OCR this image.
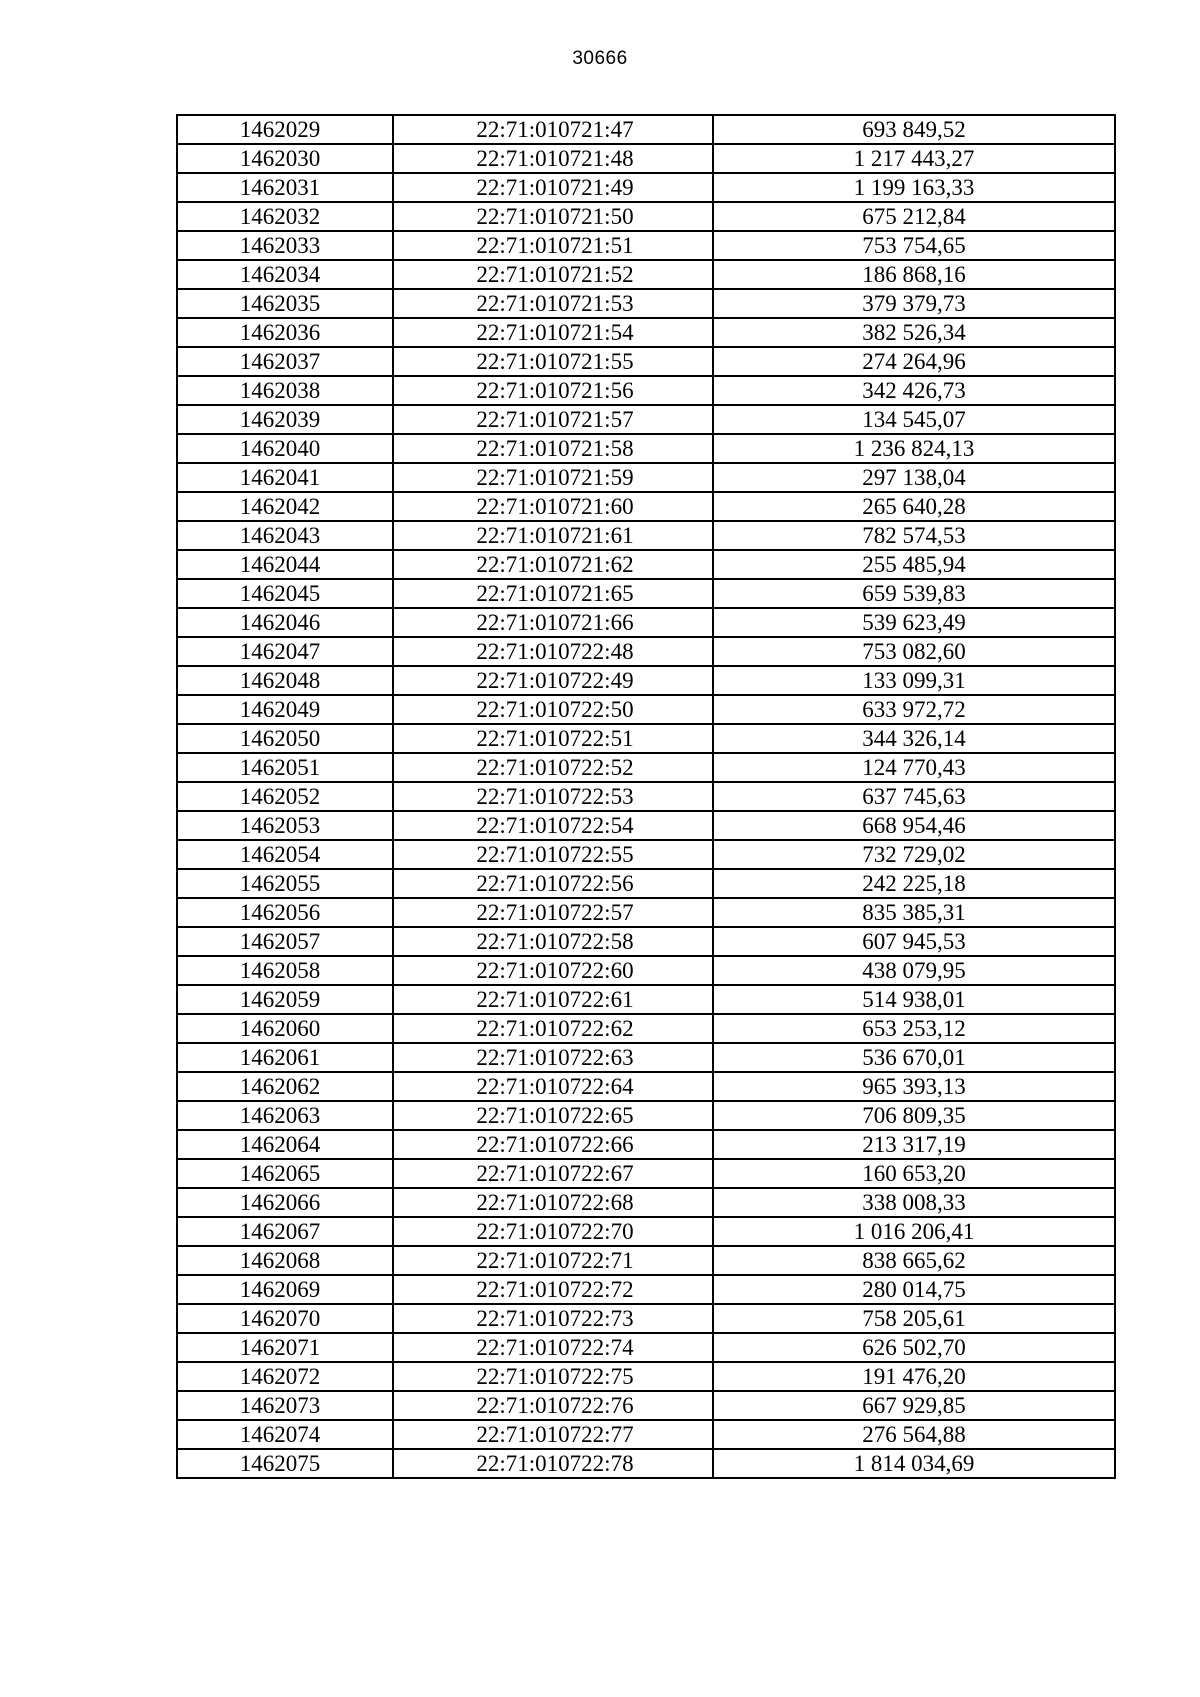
30666
1462029	22:71:010721:47	693 849,52
1462030	22:71:010721:48	1 217 443,27
1462031	22:71:010721:49	1 199 163,33
1462032	22:71:010721:50	675 212,84
1462033	22:71:010721:51	753 754,65
1462034	22:71:010721:52	186 868,16
1462035	22:71:010721:53	379 379,73
1462036	22:71:010721:54	382 526,34
1462037	22:71:010721:55	274 264,96
1462038	22:71:010721:56	342 426,73
1462039	22:71:010721:57	134 545,07
1462040	22:71:010721:58	1 236 824,13
1462041	22:71:010721:59	297 138,04
1462042	22:71:010721:60	265 640,28
1462043	22:71:010721:61	782 574,53
1462044	22:71:010721:62	255 485,94
1462045	22:71:010721:65	659 539,83
1462046	22:71:010721:66	539 623,49
1462047	22:71:010722:48	753 082,60
1462048	22:71:010722:49	133 099,31
1462049	22:71:010722:50	633 972,72
1462050	22:71:010722:51	344 326,14
1462051	22:71:010722:52	124 770,43
1462052	22:71:010722:53	637 745,63
1462053	22:71:010722:54	668 954,46
1462054	22:71:010722:55	732 729,02
1462055	22:71:010722:56	242 225,18
1462056	22:71:010722:57	835 385,31
1462057	22:71:010722:58	607 945,53
1462058	22:71:010722:60	438 079,95
1462059	22:71:010722:61	514 938,01
1462060	22:71:010722:62	653 253,12
1462061	22:71:010722:63	536 670,01
1462062	22:71:010722:64	965 393,13
1462063	22:71:010722:65	706 809,35
1462064	22:71:010722:66	213 317,19
1462065	22:71:010722:67	160 653,20
1462066	22:71:010722:68	338 008,33
1462067	22:71:010722:70	1 016 206,41
1462068	22:71:010722:71	838 665,62
1462069	22:71:010722:72	280 014,75
1462070	22:71:010722:73	758 205,61
1462071	22:71:010722:74	626 502,70
1462072	22:71:010722:75	191 476,20
1462073	22:71:010722:76	667 929,85
1462074	22:71:010722:77	276 564,88
1462075	22:71:010722:78	1 814 034,69
